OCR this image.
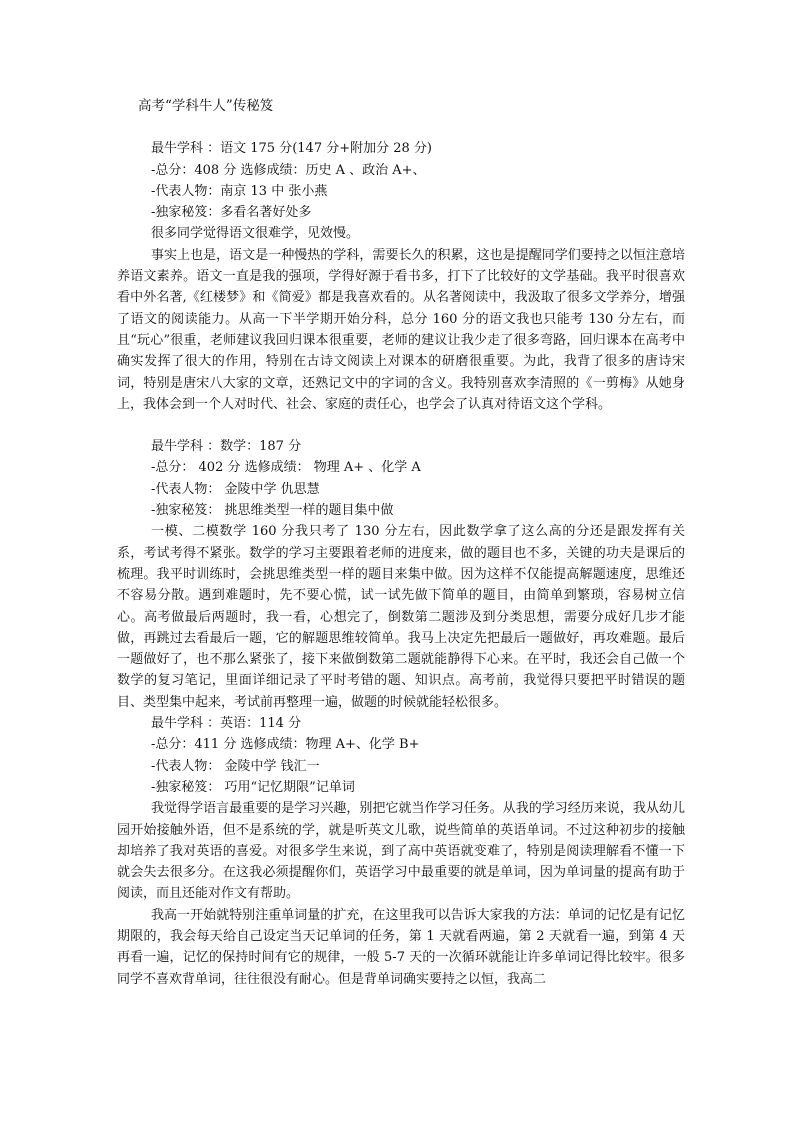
高考“学科牛人”传秘笈

最牛学科 ：语文 175 分(147 分+附加分 28 分)

-总分：408 分 选修成绩：历史 A 、政治 A+、

-代表人物：南京 13 中 张小燕

-独家秘笈：多看名著好处多

很多同学觉得语文很难学，见效慢。

事实上也是，语文是一种慢热的学科，需要长久的积累，这也是提醒同学们要持之以恒注意培养语文素养。语文一直是我的强项，学得好源于看书多，打下了比较好的文学基础。我平时很喜欢看中外名著,《红楼梦》和《简爱》都是我喜欢看的。从名著阅读中，我汲取了很多文学养分，增强了语文的阅读能力。从高一下半学期开始分科，总分 160 分的语文我也只能考 130 分左右，而且“玩心”很重，老师建议我回归课本很重要，老师的建议让我少走了很多弯路，回归课本在高考中确实发挥了很大的作用，特别在古诗文阅读上对课本的研磨很重要。为此，我背了很多的唐诗宋词，特别是唐宋八大家的文章，还熟记文中的字词的含义。我特别喜欢李清照的《一剪梅》从她身上，我体会到一个人对时代、社会、家庭的责任心，也学会了认真对待语文这个学科。

最牛学科 ：数学：187 分

-总分： 402 分 选修成绩： 物理 A+ 、化学 A

-代表人物： 金陵中学 仇思慧

-独家秘笈： 挑思维类型一样的题目集中做

一模、二模数学 160 分我只考了 130 分左右，因此数学拿了这么高的分还是跟发挥有关系，考试考得不紧张。数学的学习主要跟着老师的进度来，做的题目也不多，关键的功夫是课后的梳理。我平时训练时，会挑思维类型一样的题目来集中做。因为这样不仅能提高解题速度，思维还不容易分散。遇到难题时，先不要心慌，试一试先做下简单的题目，由简单到繁琐，容易树立信心。高考做最后两题时，我一看，心想完了，倒数第二题涉及到分类思想，需要分成好几步才能做，再跳过去看最后一题，它的解题思维较简单。我马上决定先把最后一题做好，再攻难题。最后一题做好了，也不那么紧张了，接下来做倒数第二题就能静得下心来。在平时，我还会自己做一个数学的复习笔记，里面详细记录了平时考错的题、知识点。高考前，我觉得只要把平时错误的题目、类型集中起来，考试前再整理一遍，做题的时候就能轻松很多。

最牛学科 ：英语：114 分

-总分：411 分 选修成绩：物理 A+、化学 B+

-代表人物： 金陵中学 钱汇一

-独家秘笈： 巧用“记忆期限”记单词

我觉得学语言最重要的是学习兴趣，别把它就当作学习任务。从我的学习经历来说，我从幼儿园开始接触外语，但不是系统的学，就是听英文儿歌，说些简单的英语单词。不过这种初步的接触却培养了我对英语的喜爱。对很多学生来说，到了高中英语就变难了，特别是阅读理解看不懂一下就会失去很多分。在这我必须提醒你们，英语学习中最重要的就是单词，因为单词量的提高有助于阅读，而且还能对作文有帮助。

我高一开始就特别注重单词量的扩充，在这里我可以告诉大家我的方法：单词的记忆是有记忆期限的，我会每天给自己设定当天记单词的任务，第 1 天就看两遍，第 2 天就看一遍，到第 4 天再看一遍，记忆的保持时间有它的规律，一般 5-7 天的一次循环就能让许多单词记得比较牢。很多同学不喜欢背单词，往往很没有耐心。但是背单词确实要持之以恒，我高二
